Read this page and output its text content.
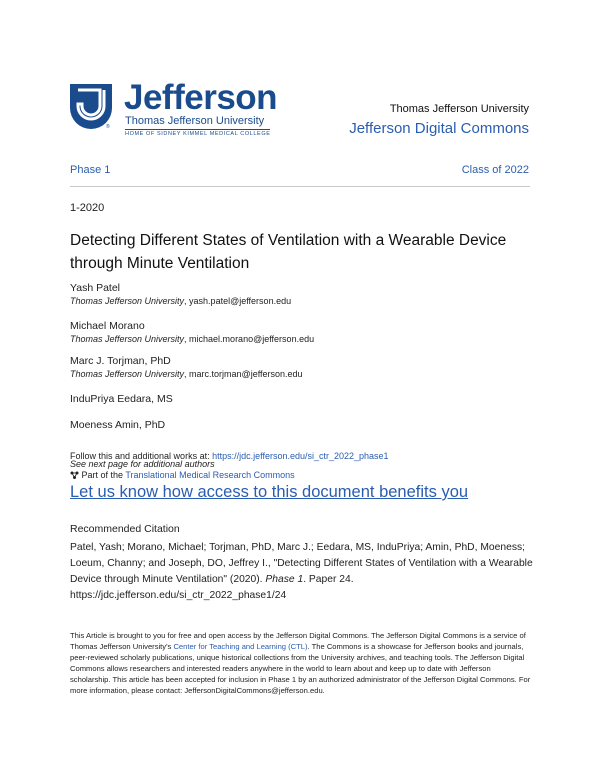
®
Jefferson
Thomas Jefferson University
HOME OF SIDNEY KIMMEL MEDICAL COLLEGE
Thomas Jefferson University
Jefferson Digital Commons
Phase 1	Class of 2022
1-2020
Detecting Different States of Ventilation with a Wearable Device through Minute Ventilation
Yash Patel
Thomas Jefferson University, yash.patel@jefferson.edu
Michael Morano
Thomas Jefferson University, michael.morano@jefferson.edu
Marc J. Torjman, PhD
Thomas Jefferson University, marc.torjman@jefferson.edu
InduPriya Eedara, MS
Moeness Amin, PhD
Follow this and additional works at: https://jdc.jefferson.edu/si_ctr_2022_phase1
See next page for additional authors
Part of the Translational Medical Research Commons
Let us know how access to this document benefits you
Recommended Citation
Patel, Yash; Morano, Michael; Torjman, PhD, Marc J.; Eedara, MS, InduPriya; Amin, PhD, Moeness; Loeum, Channy; and Joseph, DO, Jeffrey I., "Detecting Different States of Ventilation with a Wearable Device through Minute Ventilation" (2020). Phase 1. Paper 24.
https://jdc.jefferson.edu/si_ctr_2022_phase1/24
This Article is brought to you for free and open access by the Jefferson Digital Commons. The Jefferson Digital Commons is a service of Thomas Jefferson University's Center for Teaching and Learning (CTL). The Commons is a showcase for Jefferson books and journals, peer-reviewed scholarly publications, unique historical collections from the University archives, and teaching tools. The Jefferson Digital Commons allows researchers and interested readers anywhere in the world to learn about and keep up to date with Jefferson scholarship. This article has been accepted for inclusion in Phase 1 by an authorized administrator of the Jefferson Digital Commons. For more information, please contact: JeffersonDigitalCommons@jefferson.edu.
